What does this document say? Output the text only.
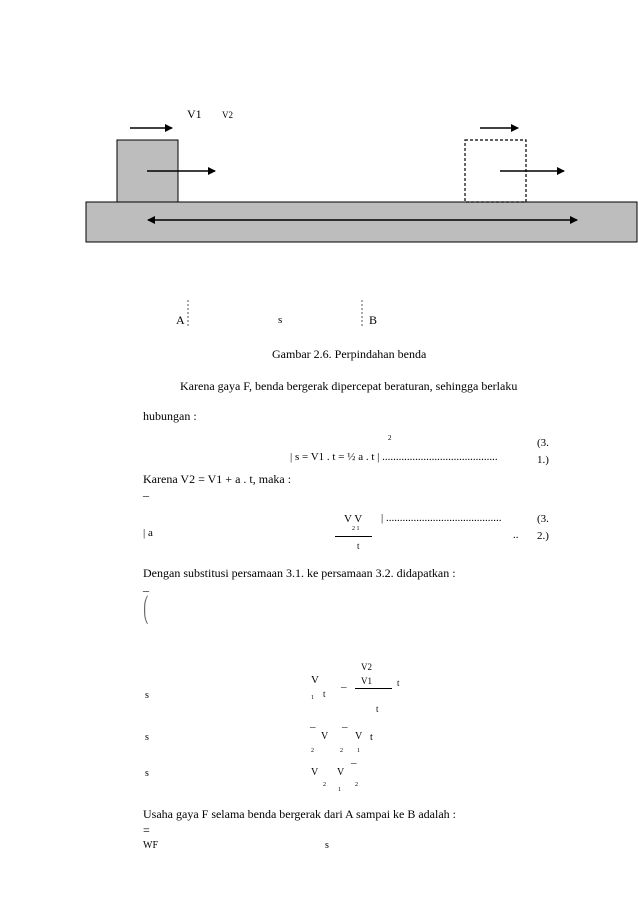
V1 V2
A	s	B
Gambar 2.6. Perpindahan benda
Karena gaya F, benda bergerak dipercepat beraturan, sehingga berlaku
hubungan :
2
| s = V1 . t = ½ a . t | ..........................................
(3.
1.)
Karena V2 = V1 + a . t, maka :
–
| a
V V
2 1
t
| ..........................................
..
(3.
2.)
Dengan substitusi persamaan 3.1. ke persamaan 3.2. didapatkan :
–
⎛
⎝
V2
V	V1	t
–
1 t
t
s
s
– –
V	V t
2	2 1
s	V V
–
2
1
2
Usaha gaya F selama benda bergerak dari A sampai ke B adalah :
=
WF	s
